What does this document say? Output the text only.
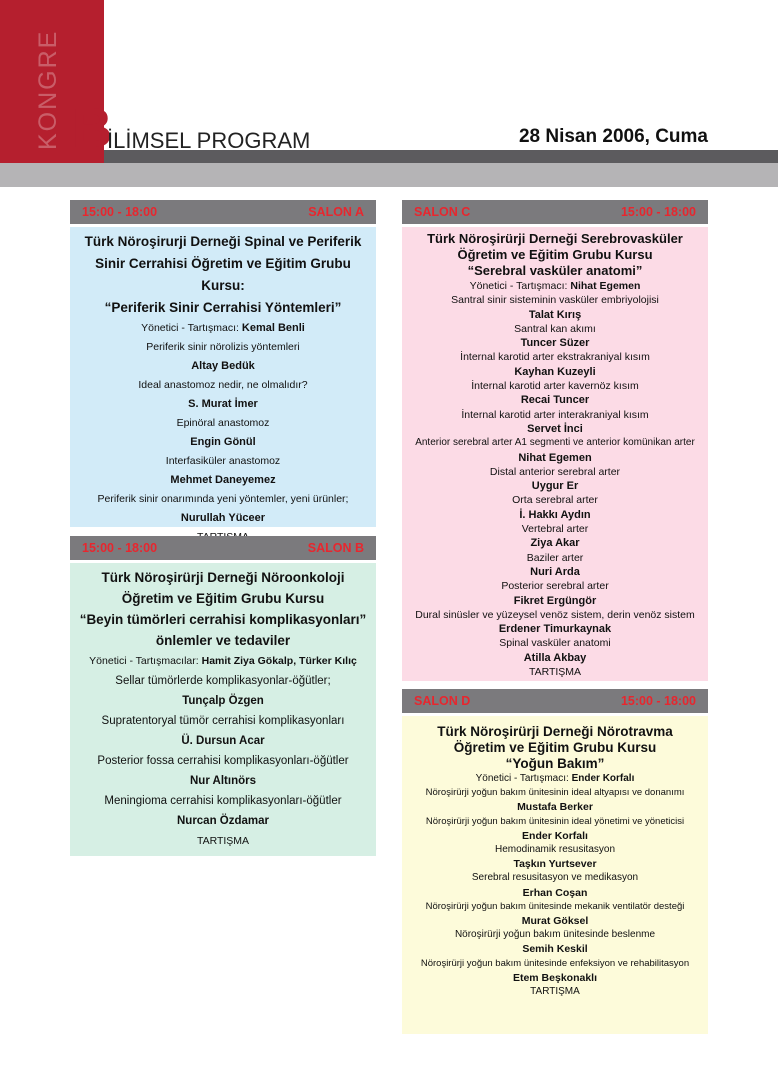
KONGRE B
İLİMSEL PROGRAM	28 Nisan 2006, Cuma
15:00 - 18:00	SALON A
Türk Nöroşirurji Derneği Spinal ve Periferik
Sinir Cerrahisi Öğretim ve Eğitim Grubu Kursu:
“Periferik Sinir Cerrahisi Yöntemleri”
Yönetici - Tartışmacı: Kemal Benli
Periferik sinir nörolizis yöntemleri
Altay Bedük
Ideal anastomoz nedir, ne olmalıdır?
S. Murat İmer
Epinöral anastomoz
Engin Gönül
Interfasiküler anastomoz
Mehmet Daneyemez
Periferik sinir onarımında yeni yöntemler, yeni ürünler;
Nurullah Yüceer
15:00 - 18:00	SALON B
Türk Nöroşirürji Derneği Nöroonkoloji
Öğretim ve Eğitim Grubu Kursu
“Beyin tümörleri cerrahisi komplikasyonları”
önlemler ve tedaviler
Yönetici - Tartışmacılar: Hamit Ziya Gökalp, Türker Kılıç
Sellar tümörlerde komplikasyonlar-öğütler;
Tunçalp Özgen
Supratentoryal tümör cerrahisi komplikasyonları
Ü. Dursun Acar
Posterior fossa cerrahisi komplikasyonları-öğütler
Nur Altınörs
Meningioma cerrahisi komplikasyonları-öğütler
Nurcan Özdamar
TARTIŞMA
SALON C	15:00 - 18:00
Türk Nöroşirürji Derneği Serebrovasküler
Öğretim ve Eğitim Grubu Kursu
“Serebral vasküler anatomi”
Yönetici - Tartışmacı: Nihat Egemen
Santral sinir sisteminin vasküler embriyolojisi
Talat Kırış
Santral kan akımı
Tuncer Süzer
İnternal karotid arter ekstrakraniyal kısım
Kayhan Kuzeyli
İnternal karotid arter kavernöz kısım
Recai Tuncer
İnternal karotid arter interakraniyal kısım
Servet İnci
Anterior serebral arter A1 segmenti ve anterior komünikan arter
Nihat Egemen
Distal anterior serebral arter
Uygur Er
Orta serebral arter
İ. Hakkı Aydın
Vertebral arter
Ziya Akar
Baziler arter
Nuri Arda
Posterior serebral arter
Fikret Ergüngör
Dural sinüsler ve yüzeysel venöz sistem, derin venöz sistem
Erdener Timurkaynak
Spinal vasküler anatomi
Atilla Akbay
TARTIŞMA
SALON D	15:00 - 18:00
Türk Nöroşirürji Derneği Nörotravma
Öğretim ve Eğitim Grubu Kursu
“Yoğun Bakım”
Yönetici - Tartışmacı: Ender Korfalı
Nöroşirürji yoğun bakım ünitesinin ideal altyapısı ve donanımı
Mustafa Berker
Nöroşirürji yoğun bakım ünitesinin ideal yönetimi ve yöneticisi
Ender Korfalı
Hemodinamik resusitasyon
Taşkın Yurtsever
Serebral resusitasyon ve medikasyon
Erhan Coşan
Nöroşirürji yoğun bakım ünitesinde mekanik ventilatör desteği
Murat Göksel
Nöroşirürji yoğun bakım ünitesinde beslenme
Semih Keskil
Nöroşirürji yoğun bakım ünitesinde enfeksiyon ve rehabilitasyon
Etem Beşkonaklı
TARTIŞMA
